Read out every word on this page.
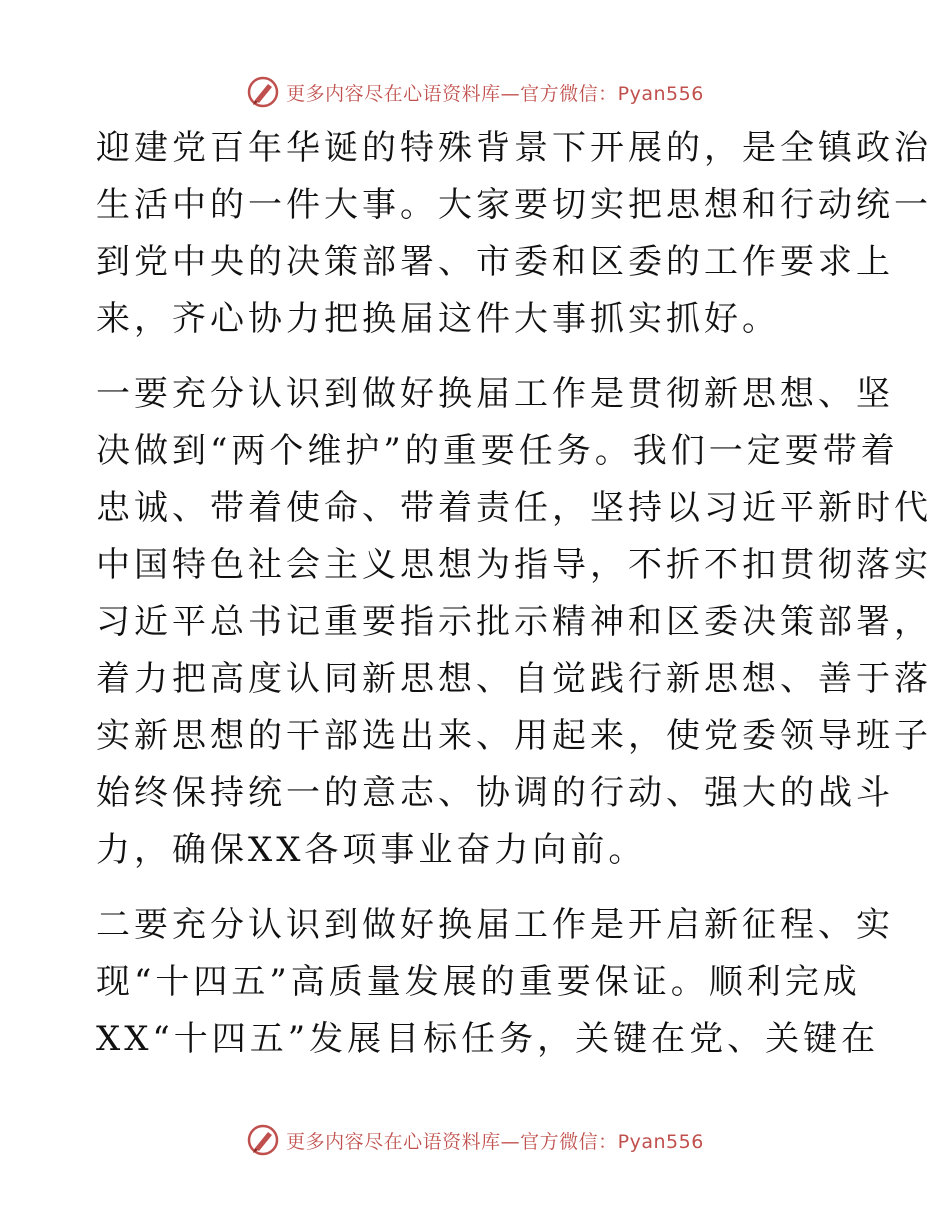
更多内容尽在心语资料库—官方微信：Pyan556

迎建党百年华诞的特殊背景下开展的，是全镇政治
生活中的一件大事。大家要切实把思想和行动统一
到党中央的决策部署、市委和区委的工作要求上
来，齐心协力把换届这件大事抓实抓好。

一要充分认识到做好换届工作是贯彻新思想、坚
决做到“两个维护”的重要任务。我们一定要带着
忠诚、带着使命、带着责任，坚持以习近平新时代
中国特色社会主义思想为指导，不折不扣贯彻落实
习近平总书记重要指示批示精神和区委决策部署，
着力把高度认同新思想、自觉践行新思想、善于落
实新思想的干部选出来、用起来，使党委领导班子
始终保持统一的意志、协调的行动、强大的战斗
力，确保XX各项事业奋力向前。

二要充分认识到做好换届工作是开启新征程、实
现“十四五”高质量发展的重要保证。顺利完成
XX“十四五”发展目标任务，关键在党、关键在

更多内容尽在心语资料库—官方微信：Pyan556
